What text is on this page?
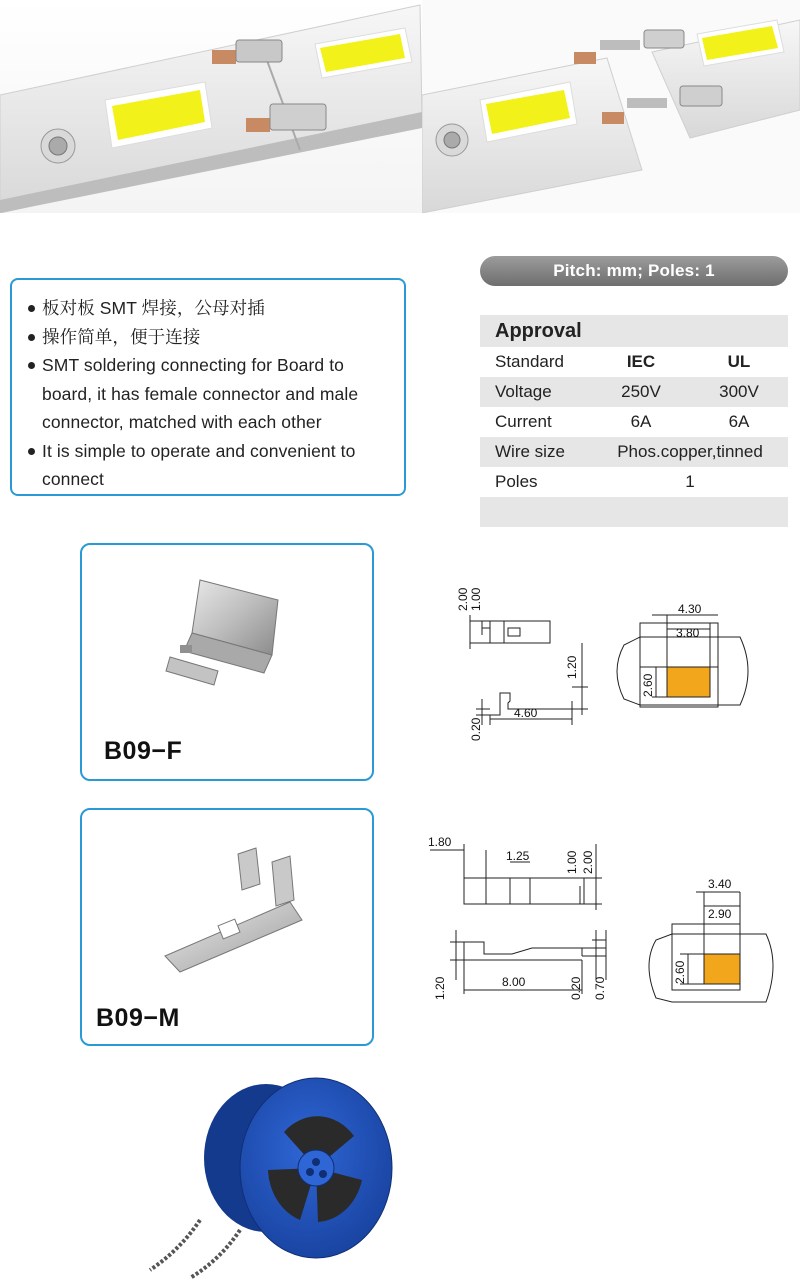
板对板 SMT 焊接，公母对插
操作简单，便于连接
SMT soldering connecting for Board to board, it has female connector and male connector, matched with each other
It is simple to operate and convenient to connect
Pitch: mm; Poles: 1
Approval
Standard	IEC	UL
Voltage	250V	300V
Current	6A	6A
Wire size	Phos.copper,tinned
Poles	1
B09−F
B09−M
2.00 1.00
1.20
0.20
4.60
4.30
3.80
2.60
1.80
1.25	1.00 2.00
1.20	8.00	0.20 0.70
3.40
2.90
2.60
